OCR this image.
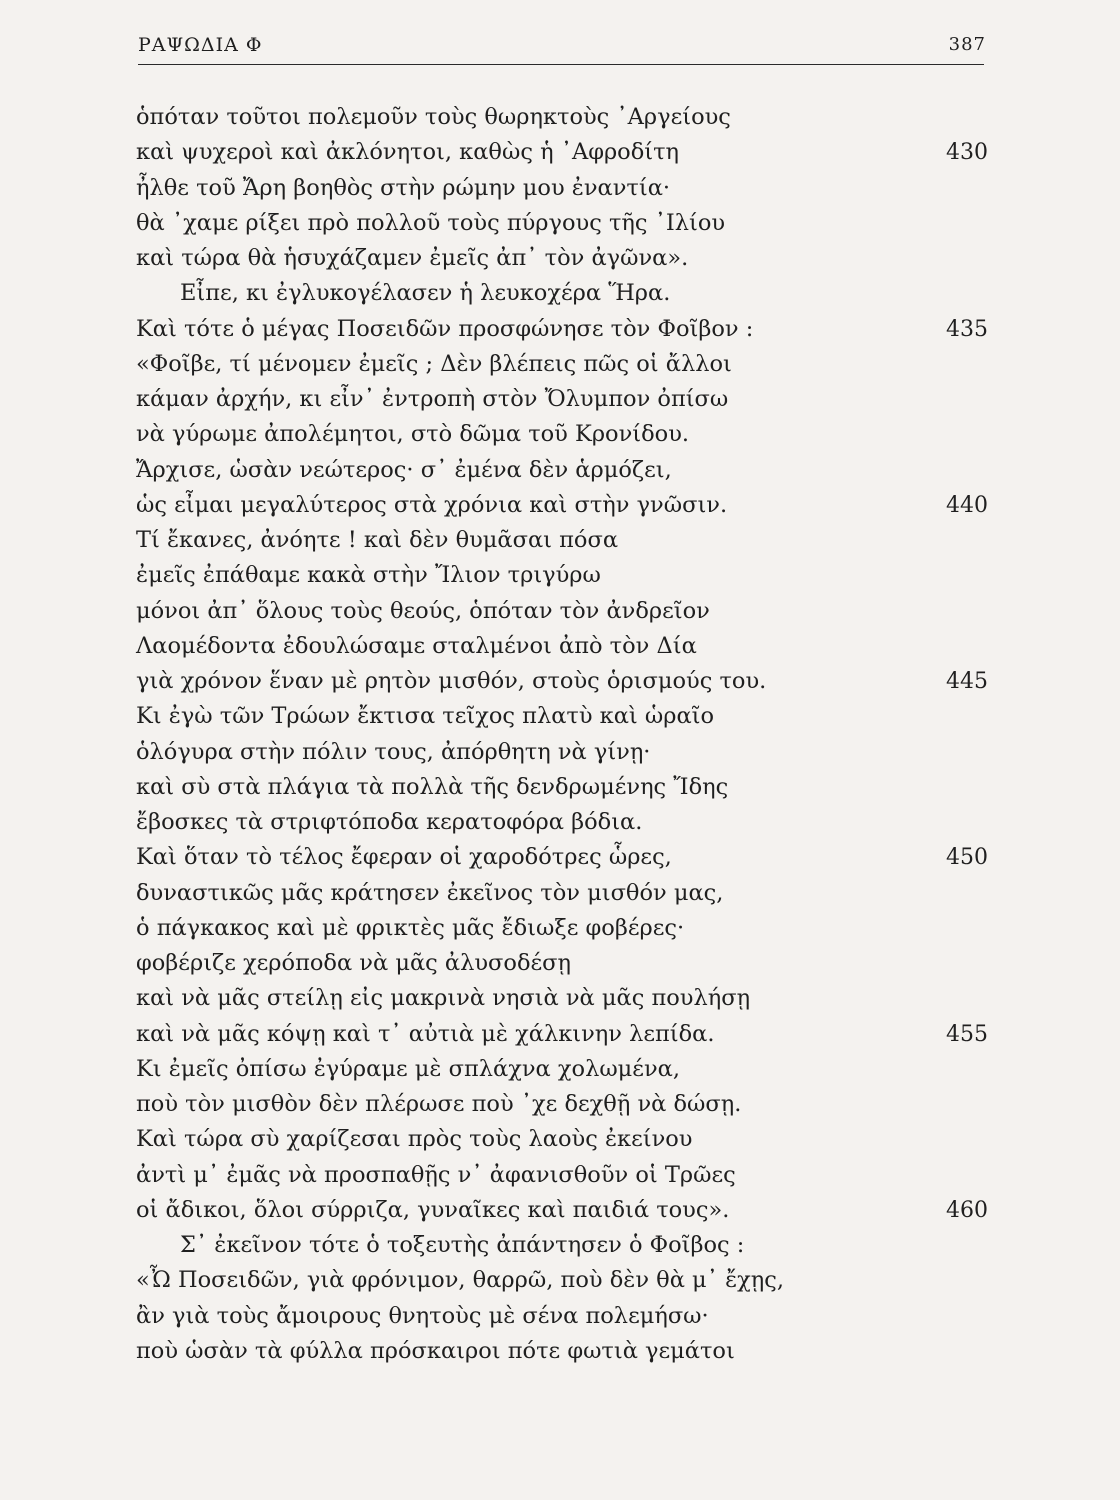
ΡΑΨΩΔΙΑ Φ	387
ὁπόταν τοῦτοι πολεμοῦν τοὺς θωρηκτοὺς ᾿Αργείους
καὶ ψυχεροὶ καὶ ἀκλόνητοι, καθὼς ἡ ᾿Αφροδίτη	430
ἦλθε τοῦ Ἄρη βοηθὸς στὴν ρώμην μου ἐναντία·
θὰ ᾿χαμε ρίξει πρὸ πολλοῦ τοὺς πύργους τῆς ᾿Ιλίου
καὶ τώρα θὰ ἡσυχάζαμεν ἐμεῖς ἀπ᾿ τὸν ἀγῶνα».
Εἶπε, κι ἐγλυκογέλασεν ἡ λευκοχέρα Ἥρα.
Καὶ τότε ὁ μέγας Ποσειδῶν προσφώνησε τὸν Φοῖβον :	435
«Φοῖβε, τί μένομεν ἐμεῖς ; Δὲν βλέπεις πῶς οἱ ἄλλοι
κάμαν ἀρχήν, κι εἶν᾿ ἐντροπὴ στὸν Ὄλυμπον ὀπίσω
νὰ γύρωμε ἀπολέμητοι, στὸ δῶμα τοῦ Κρονίδου.
Ἄρχισε, ὡσὰν νεώτερος· σ᾿ ἐμένα δὲν ἁρμόζει,
ὡς εἶμαι μεγαλύτερος στὰ χρόνια καὶ στὴν γνῶσιν.	440
Τί ἔκανες, ἀνόητε ! καὶ δὲν θυμᾶσαι πόσα
ἐμεῖς ἐπάθαμε κακὰ στὴν Ἴλιον τριγύρω
μόνοι ἀπ᾿ ὅλους τοὺς θεούς, ὁπόταν τὸν ἀνδρεῖον
Λαομέδοντα ἐδουλώσαμε σταλμένοι ἀπὸ τὸν Δία
γιὰ χρόνον ἕναν μὲ ρητὸν μισθόν, στοὺς ὁρισμούς του.	445
Κι ἐγὼ τῶν Τρώων ἔκτισα τεῖχος πλατὺ καὶ ὡραῖο
ὁλόγυρα στὴν πόλιν τους, ἀπόρθητη νὰ γίνῃ·
καὶ σὺ στὰ πλάγια τὰ πολλὰ τῆς δενδρωμένης Ἴδης
ἔβοσκες τὰ στριφτόποδα κερατοφόρα βόδια.
Καὶ ὅταν τὸ τέλος ἔφεραν οἱ χαροδότρες ὧρες,	450
δυναστικῶς μᾶς κράτησεν ἐκεῖνος τὸν μισθόν μας,
ὁ πάγκακος καὶ μὲ φρικτὲς μᾶς ἔδιωξε φοβέρες·
φοβέριζε χερόποδα νὰ μᾶς ἀλυσοδέσῃ
καὶ νὰ μᾶς στείλῃ εἰς μακρινὰ νησιὰ νὰ μᾶς πουλήσῃ
καὶ νὰ μᾶς κόψῃ καὶ τ᾿ αὐτιὰ μὲ χάλκινην λεπίδα.	455
Κι ἐμεῖς ὀπίσω ἐγύραμε μὲ σπλάχνα χολωμένα,
ποὺ τὸν μισθὸν δὲν πλέρωσε ποὺ ᾿χε δεχθῇ νὰ δώσῃ.
Καὶ τώρα σὺ χαρίζεσαι πρὸς τοὺς λαοὺς ἐκείνου
ἀντὶ μ᾿ ἐμᾶς νὰ προσπαθῇς ν᾿ ἀφανισθοῦν οἱ Τρῶες
οἱ ἄδικοι, ὅλοι σύρριζα, γυναῖκες καὶ παιδιά τους».	460
Σ᾿ ἐκεῖνον τότε ὁ τοξευτὴς ἀπάντησεν ὁ Φοῖβος :
«Ὦ Ποσειδῶν, γιὰ φρόνιμον, θαρρῶ, ποὺ δὲν θὰ μ᾿ ἔχῃς,
ἂν γιὰ τοὺς ἄμοιρους θνητοὺς μὲ σένα πολεμήσω·
ποὺ ὡσὰν τὰ φύλλα πρόσκαιροι πότε φωτιὰ γεμάτοι
